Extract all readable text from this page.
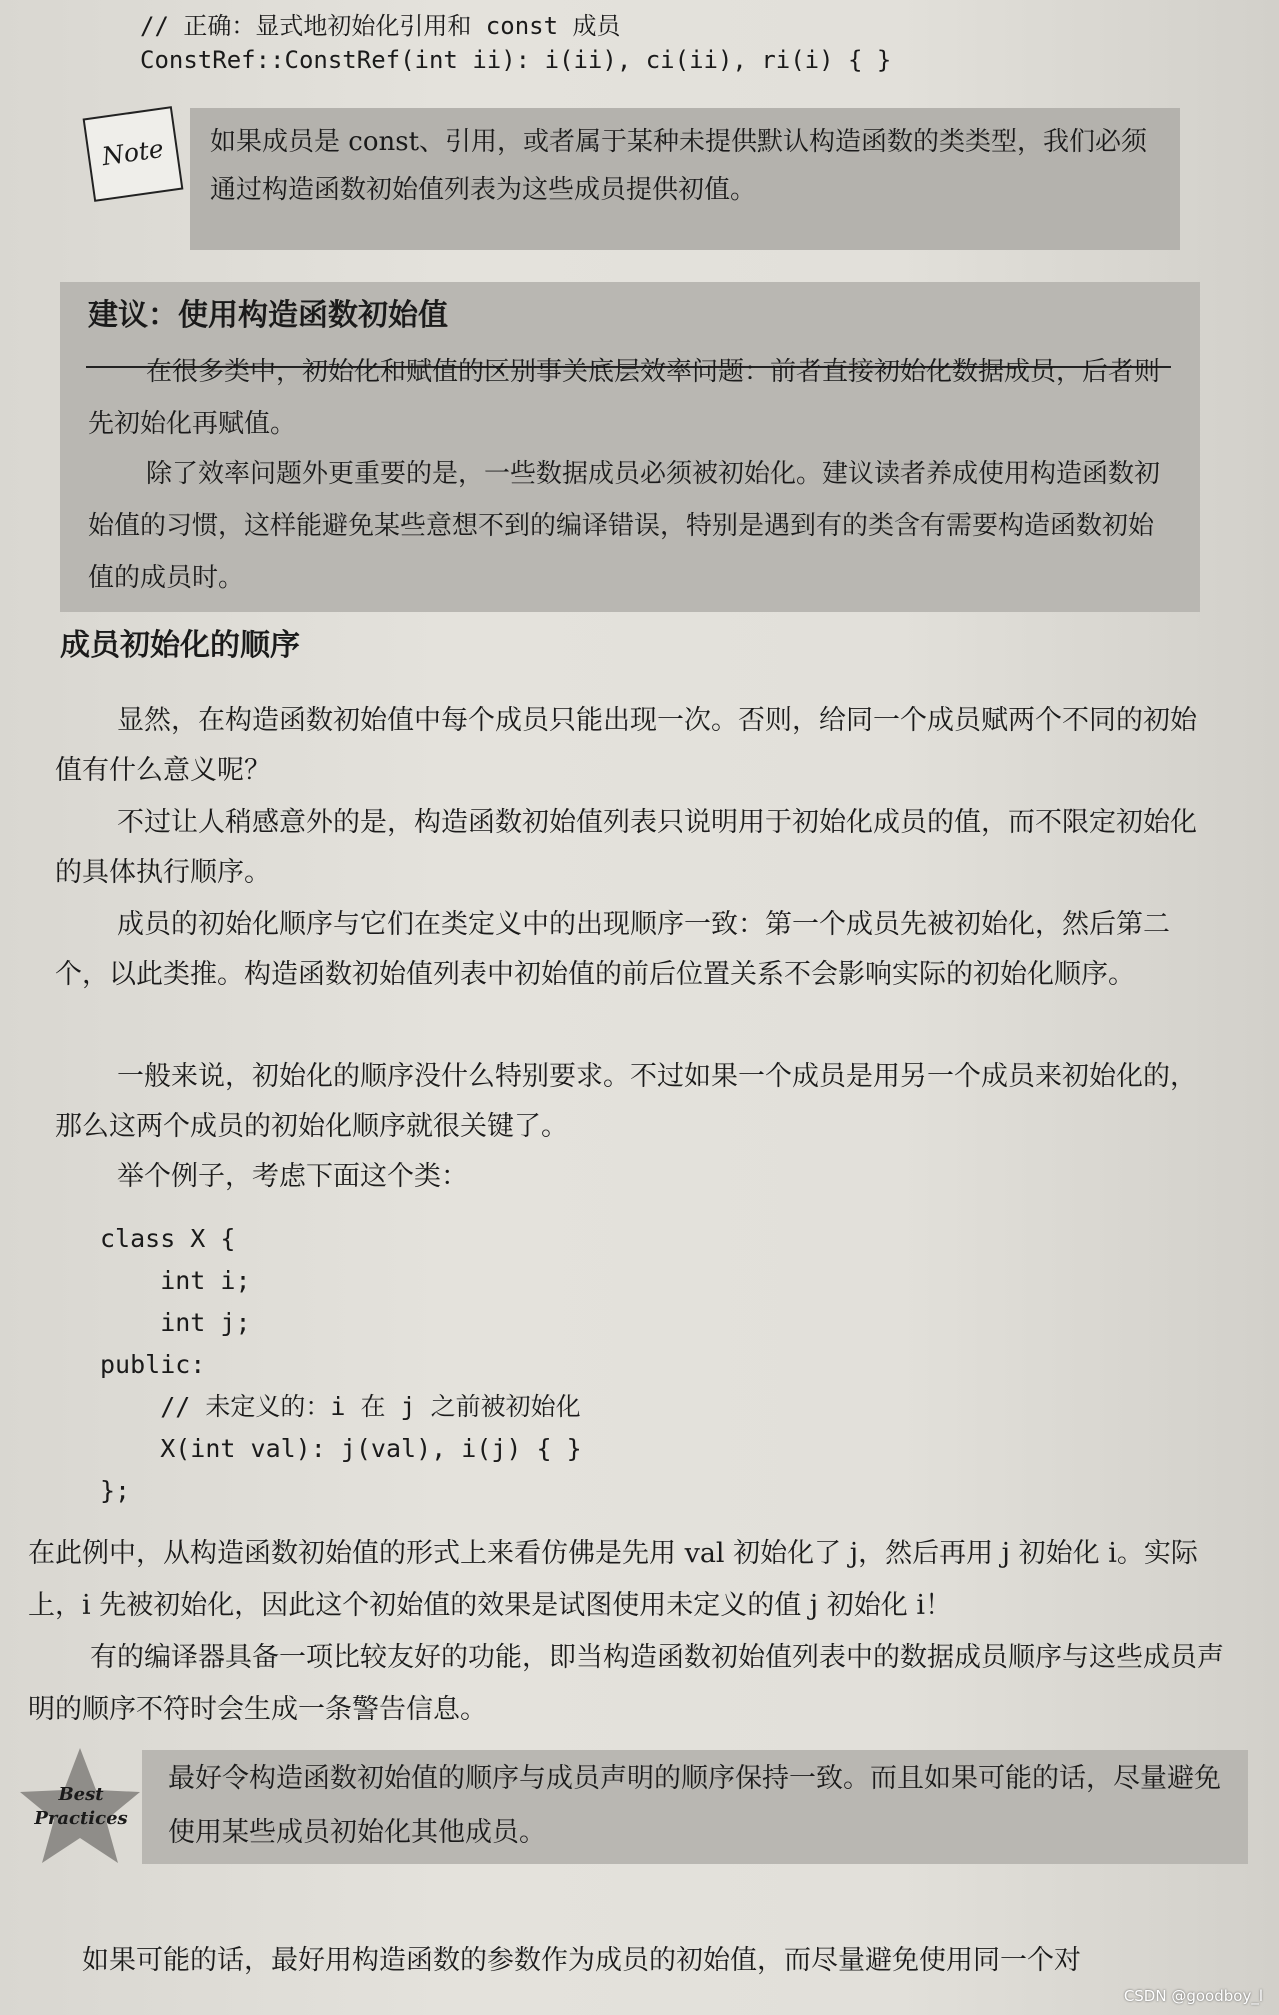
// 正确：显式地初始化引用和 const 成员
ConstRef::ConstRef(int ii): i(ii), ci(ii), ri(i) { }
Note	如果成员是 const、引用，或者属于某种未提供默认构造函数的类类型，我们必须通过构造函数初始值列表为这些成员提供初值。
建议：使用构造函数初始值
在很多类中，初始化和赋值的区别事关底层效率问题：前者直接初始化数据成员，后者则先初始化再赋值。
除了效率问题外更重要的是，一些数据成员必须被初始化。建议读者养成使用构造函数初始值的习惯，这样能避免某些意想不到的编译错误，特别是遇到有的类含有需要构造函数初始值的成员时。
成员初始化的顺序
显然，在构造函数初始值中每个成员只能出现一次。否则，给同一个成员赋两个不同的初始值有什么意义呢？
不过让人稍感意外的是，构造函数初始值列表只说明用于初始化成员的值，而不限定初始化的具体执行顺序。
成员的初始化顺序与它们在类定义中的出现顺序一致：第一个成员先被初始化，然后第二个，以此类推。构造函数初始值列表中初始值的前后位置关系不会影响实际的初始化顺序。
一般来说，初始化的顺序没什么特别要求。不过如果一个成员是用另一个成员来初始化的，那么这两个成员的初始化顺序就很关键了。
举个例子，考虑下面这个类：
class X {
int i;
int j;
public:
// 未定义的：i 在 j 之前被初始化
X(int val): j(val), i(j) { }
};
在此例中，从构造函数初始值的形式上来看仿佛是先用 val 初始化了 j，然后再用 j 初始化 i。实际上，i 先被初始化，因此这个初始值的效果是试图使用未定义的值 j 初始化 i！
有的编译器具备一项比较友好的功能，即当构造函数初始值列表中的数据成员顺序与这些成员声明的顺序不符时会生成一条警告信息。
Best
Practices
最好令构造函数初始值的顺序与成员声明的顺序保持一致。而且如果可能的话，尽量避免使用某些成员初始化其他成员。
如果可能的话，最好用构造函数的参数作为成员的初始值，而尽量避免使用同一个对
CSDN @goodboy_l
